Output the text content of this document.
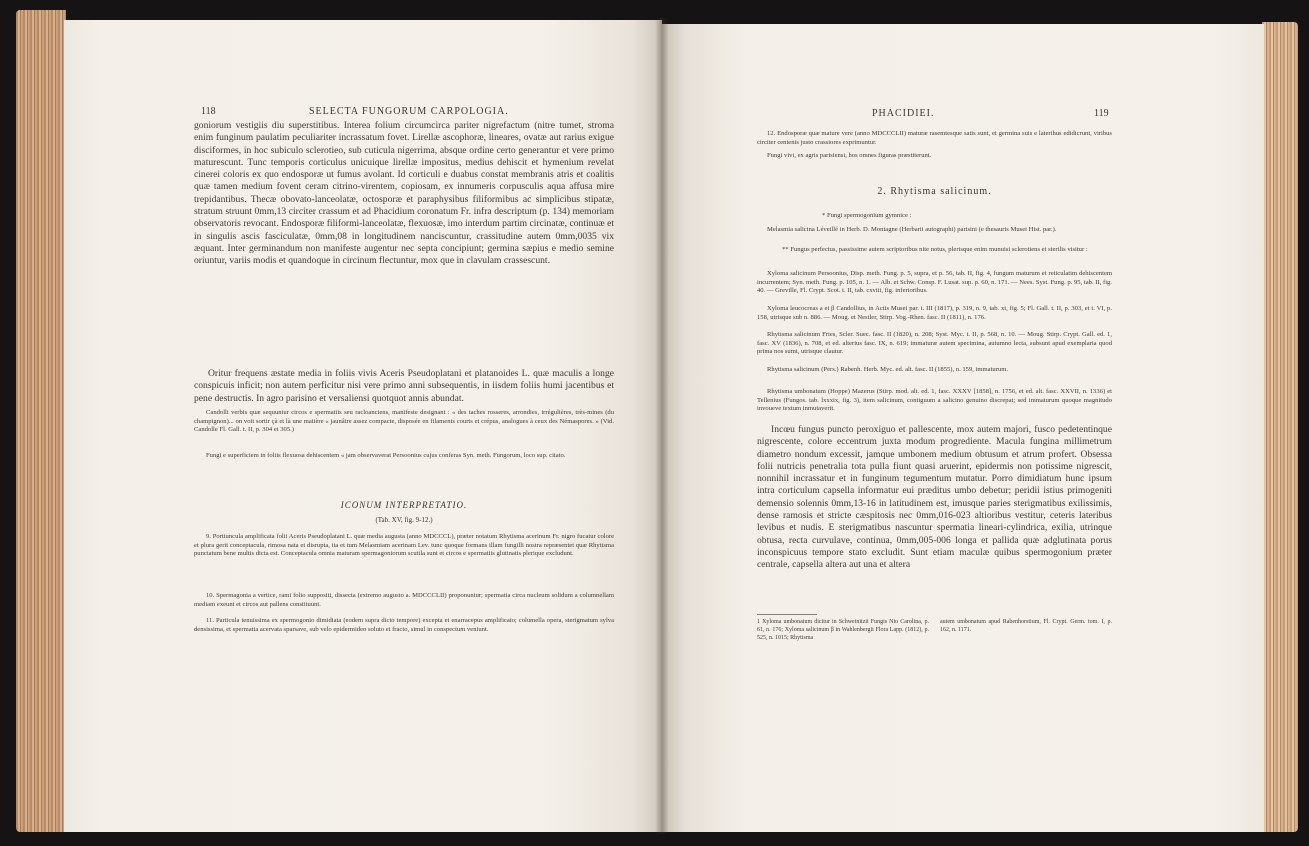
118	SELECTA FUNGORUM CARPOLOGIA.
goniorum vestigiis diu superstitibus. Interea folium circumcirca pariter nigrefactum (nitre tumet, stroma enim funginum paulatim peculiariter incrassatum fovet. Lirellæ ascophoræ, lineares, ovatæ aut rarius exigue disciformes, in hoc subiculo sclerotieo, sub cuticula nigerrima, absque ordine certo generantur et vere primo maturescunt. Tunc temporis corticulus unicuique lirellæ impositus, medius dehiscit et hymenium revelat cinerei coloris ex quo endosporæ ut fumus avolant. Id corticuli e duabus constat membranis atris et coalitis quæ tamen medium fovent ceram citrino-virentem, copiosam, ex innumeris corpusculis aqua affusa mire trepidantibus. Thecæ obovato-lanceolatæ, octosporæ et paraphysibus filiformibus ac simplicibus stipatæ, stratum struunt 0mm,13 circiter crassum et ad Phacidium coronatum Fr. infra descriptum (p. 134) memoriam observatoris revocant. Endosporæ filiformi-lanceolatæ, flexuosæ, imo interdum partim circinatæ, continuæ et in singulis ascis fasciculatæ, 0mm,08 in longitudinem nanciscuntur, crassitudine autem 0mm,0035 vix æquant. Inter germinandum non manifeste augentur nec septa concipiunt; germina sæpius e medio semine oriuntur, variis modis et quandoque in circinum flectuntur, mox que in clavulam crassescunt.
Oritur frequens æstate media in foliis vivis Aceris Pseudoplatani et platanoides L. quæ maculis a longe conspicuis inficit; non autem perficitur nisi vere primo anni subsequentis, in iisdem foliis humi jacentibus et pene destructis. In agro parisino et versaliensi quotquot annis abundat.
Candolli verbis quæ sequuntur circos e spermatiis seu racloanciens, manifeste designant : « des taches rosseres, arrondies, irrégulières, très-mines (du champignon)... on voit sortir çà et là une matière « jaunâtre assez compacte, disposée en filaments courts et crépus, analogues à ceux des Némaspores. » (Vid. Candolle Fl. Gall. t. II, p. 304 et 305.)
Fungi e superficiem in foliis flexuosa dehiscentem « jam observaverat Persoonius cujus conferas Syn. meth. Fungorum, loco sup. citato.
ICONUM INTERPRETATIO.
(Tab. XV, fig. 9-12.)
9. Portiuncula amplificata folii Aceris Pseudoplatani L. quæ media augusta (anno MDCCCL), præter notatum Rhytisma acerinum Fr. nigro fucatur colore et plura gerit conceptacula, rimosa nata et disrupta, ita et tum Melasmiam acerinam Lev. tunc quoque formans illam fungilli nostra repræsentet quæ Rhytisma punctatum bene multis dicta est. Conceptacula omnia maturam spermagoniorum scutila sunt et circos e spermatiis glutinatis plerique excludunt.
10. Spermagonia a vertice, rami folio suppositi, dissecta (extremo augusto a. MDCCCLII) proponuntur; spermatia circa nucleum solidum a columnellam mediam exeunt et circos aut pallens constituunt.
11. Particula tenuissima ex spermogonio dimidiata (eodem supra dicto tempore) excepta et enarracepus amplificato; columella opera, sterigmatum sylva densissima, et spermatia acervata sparsave, sub velo epidermideo soluto et fracto, simul in conspectum veniunt.
PHACIDIEI.	119
12. Endosporæ quæ mature vere (anno MDCCCLII) maturæ rasemtesque satis sunt, et germina suis e laterihus edidicrunt, viribus circiter centenis justo crassiores exprimuntur.
Fungi vivi, ex agris parisiensi, hos omnes figuras præstiterunt.
2. Rhytisma salicinum.
* Fungi spermogonium gymnice :
Melasmia salicina Léveillé in Herb. D. Montagne (Herbarii autographi) parisini (e thesauris Musei Hist. par.).
** Fungus perfectus, passissime autem scriptoribus nite notus, plerisque enim munuisi sclerotiens et sterilis visitur :
Xyloma salicinum Persoonius, Disp. meth. Fung. p. 5, supra, et p. 56, tab. II, fig. 4, fungum maturum et reticulatim dehiscentem incurrentem; Syn. meth. Fung. p. 105, n. 1. — Alb. et Schw. Consp. F. Lusat. sup. p. 60, n. 171. — Nees. Syst. Fung. p. 95, tab. II, fig. 40. — Greville, Fl. Crypt. Scot. t. II, tab. cxviii, fig. inferioribus.
Xyloma leucocreas a et β Candollius, in Actis Musei par. t. III (1817), p. 319, n. 9, tab. xi, fig. 5; Fl. Gall. t. II, p. 303, et t. VI, p. 158, utrisque sub n. 886. — Moug. et Nestler, Stirp. Vog.-Rhen. fasc. II (1811), n. 176.
Rhytisma salicinum Fries, Scler. Suec. fasc. II (1820), n. 208; Syst. Myc. t. II, p. 568, n. 10. — Moug. Stirp. Crypt. Gall. ed. 1, fasc. XV (1836), n. 708, et ed. alterius fasc. IX, n. 619; immaturæ autem specimina, autumno lecta, subsunt apud exemplaria quod prima nos sumt, utrisque clautur.
Rhytisma salicinum (Pers.) Rabenh. Herb. Myc. ed. alt. fasc. II (1855), n. 159, immaturum.
Rhytisma umbonatum (Hoppe) Mazerus (Stirp. mod. alt. ed. 1, fasc. XXXV [1858], n. 1756, et ed. alt. fasc. XXVII, n. 1336) et Tellenius (Fungos. tab. lxxxix, fig. 3), item salicinum, contiguum a salicino genuino discrepat; sed immaturum quoque magnitudo invoueve textum inmutaverit.
Incœu fungus puncto peroxiguo et pallescente, mox autem majori, fusco pedetentinque nigrescente, colore eccentrum juxta modum progrediente. Macula fungina millimetrum diametro nondum excessit, jamque umbonem medium obtusum et atrum profert. Obsessa folii nutricis penetralia tota pulla fiunt quasi aruerint, epidermis non potissime nigrescit, nonnihil incrassatur et in funginum tegumentum mutatur. Porro dimidiatum hunc ipsum intra corticulum capsella informatur eui præditus umbo debetur; peridii istius primogeniti demensio solennis 0mm,13-16 in latitudinem est, imusque paries sterigmatibus exilissimis, dense ramosis et stricte cæspitosis nec 0mm,016-023 altioribus vestitur, ceteris lateribus levibus et nudis. E sterigmatibus nascuntur spermatia lineari-cylindrica, exilia, utrinque obtusa, recta curvulave, continua, 0mm,005-006 longa et pallida quæ adglutinata porus inconspicuus tempore stato excludit. Sunt etiam maculæ quibus spermogonium præter centrale, capsella altera aut una et altera
1 Xyloma umbonatum dicitur in Schweinitzii Fungis Nio Carolina, p. 61, n. 176; Xyloma salicinum β in Wahlenbergii Flora Lapp. (1812), p. 525, n. 1015; Rhytisma
autem umbonatum apud Rabenhorstium, Fl. Crypt. Germ. tom. I, p. 162, n. 1171.
